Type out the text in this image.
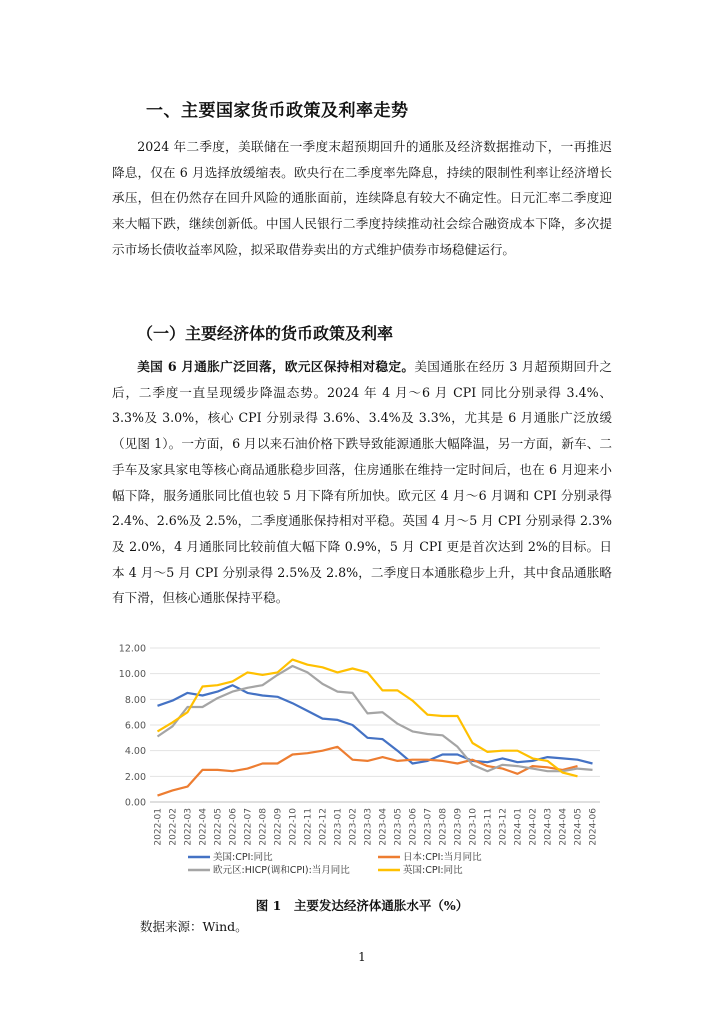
一、主要国家货币政策及利率走势

2024 年二季度，美联储在一季度末超预期回升的通胀及经济数据推动下，一再推迟降息，仅在 6 月选择放缓缩表。欧央行在二季度率先降息，持续的限制性利率让经济增长承压，但在仍然存在回升风险的通胀面前，连续降息有较大不确定性。日元汇率二季度迎来大幅下跌，继续创新低。中国人民银行二季度持续推动社会综合融资成本下降，多次提示市场长债收益率风险，拟采取借券卖出的方式维护债券市场稳健运行。

（一）主要经济体的货币政策及利率

美国 6 月通胀广泛回落，欧元区保持相对稳定。美国通胀在经历 3 月超预期回升之后，二季度一直呈现缓步降温态势。2024 年 4 月～6 月 CPI 同比分别录得 3.4%、3.3%及 3.0%，核心 CPI 分别录得 3.6%、3.4%及 3.3%，尤其是 6 月通胀广泛放缓（见图 1）。一方面，6 月以来石油价格下跌导致能源通胀大幅降温，另一方面，新车、二手车及家具家电等核心商品通胀稳步回落，住房通胀在维持一定时间后，也在 6 月迎来小幅下降，服务通胀同比值也较 5 月下降有所加快。欧元区 4 月～6 月调和 CPI 分别录得 2.4%、2.6%及 2.5%，二季度通胀保持相对平稳。英国 4 月～5 月 CPI 分别录得 2.3%及 2.0%，4 月通胀同比较前值大幅下降 0.9%，5 月 CPI 更是首次达到 2%的目标。日本 4 月～5 月 CPI 分别录得 2.5%及 2.8%，二季度日本通胀稳步上升，其中食品通胀略有下滑，但核心通胀保持平稳。

0.00
2.00
4.00
6.00
8.00
10.00
12.00
2022-01 2022-02 2022-03 2022-04 2022-05 2022-06 2022-07 2022-08 2022-09 2022-10 2022-11 2022-12 2023-01 2023-02 2023-03 2023-04 2023-05 2023-06 2023-07 2023-08 2023-09 2023-10 2023-11 2023-12 2024-01 2024-02 2024-03 2024-04 2024-05 2024-06
美国:CPI:同比	日本:CPI:当月同比
欧元区:HICP(调和CPI):当月同比	英国:CPI:同比
图 1　主要发达经济体通胀水平（%）
数据来源：Wind。
1
